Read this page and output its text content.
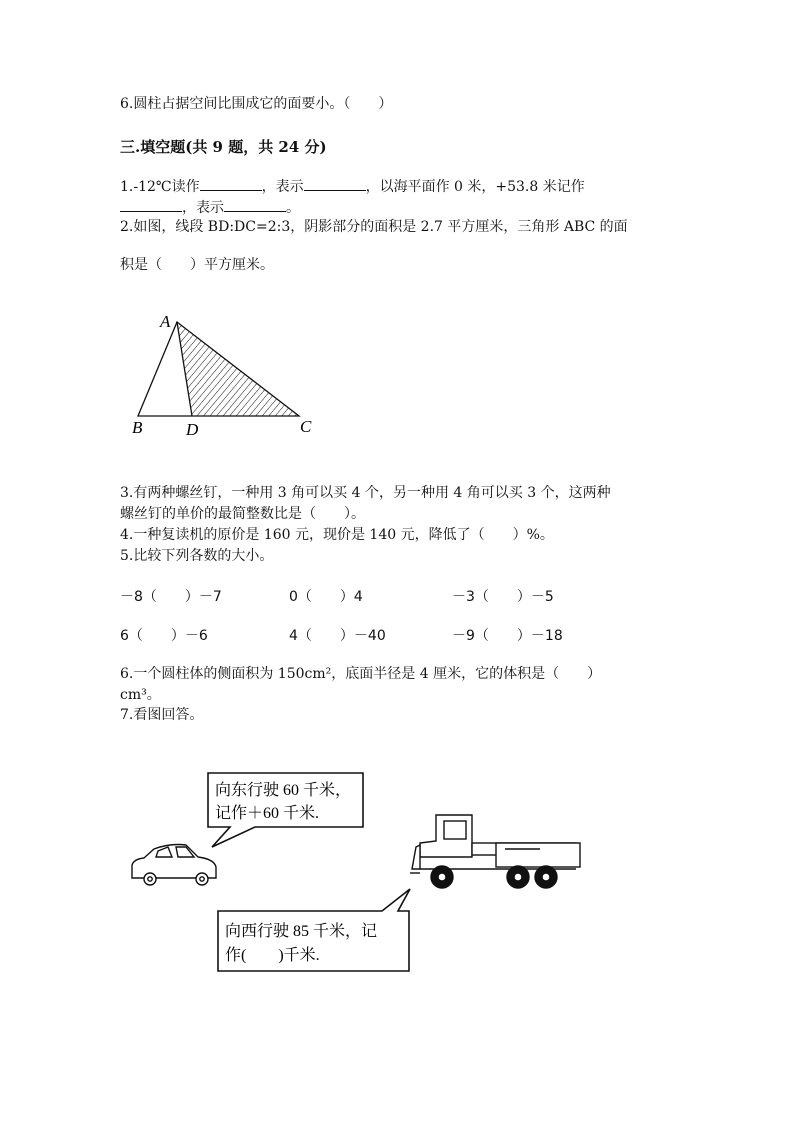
6.圆柱占据空间比围成它的面要小。（　　）
三.填空题(共 9 题，共 24 分)
1.-12℃读作	，表示	，以海平面作 0 米，+53.8 米记作
，表示	。
2.如图，线段 BD:DC=2:3，阴影部分的面积是 2.7 平方厘米，三角形 ABC 的面
积是（　　）平方厘米。
A
B	D	C
3.有两种螺丝钉，一种用 3 角可以买 4 个，另一种用 4 角可以买 3 个，这两种
螺丝钉的单价的最简整数比是（　　）。
4.一种复读机的原价是 160 元，现价是 140 元，降低了（　　）%。
5.比较下列各数的大小。
－8（　　）－7	0（　　）4	－3（　　）－5
6（　　）－6	4（　　）－40	－9（　　）－18
6.一个圆柱体的侧面积为 150cm²，底面半径是 4 厘米，它的体积是（　　）
cm³。
7.看图回答。
向东行驶 60 千米，
记作＋60 千米.
向西行驶 85 千米，记
作(　　)千米.
